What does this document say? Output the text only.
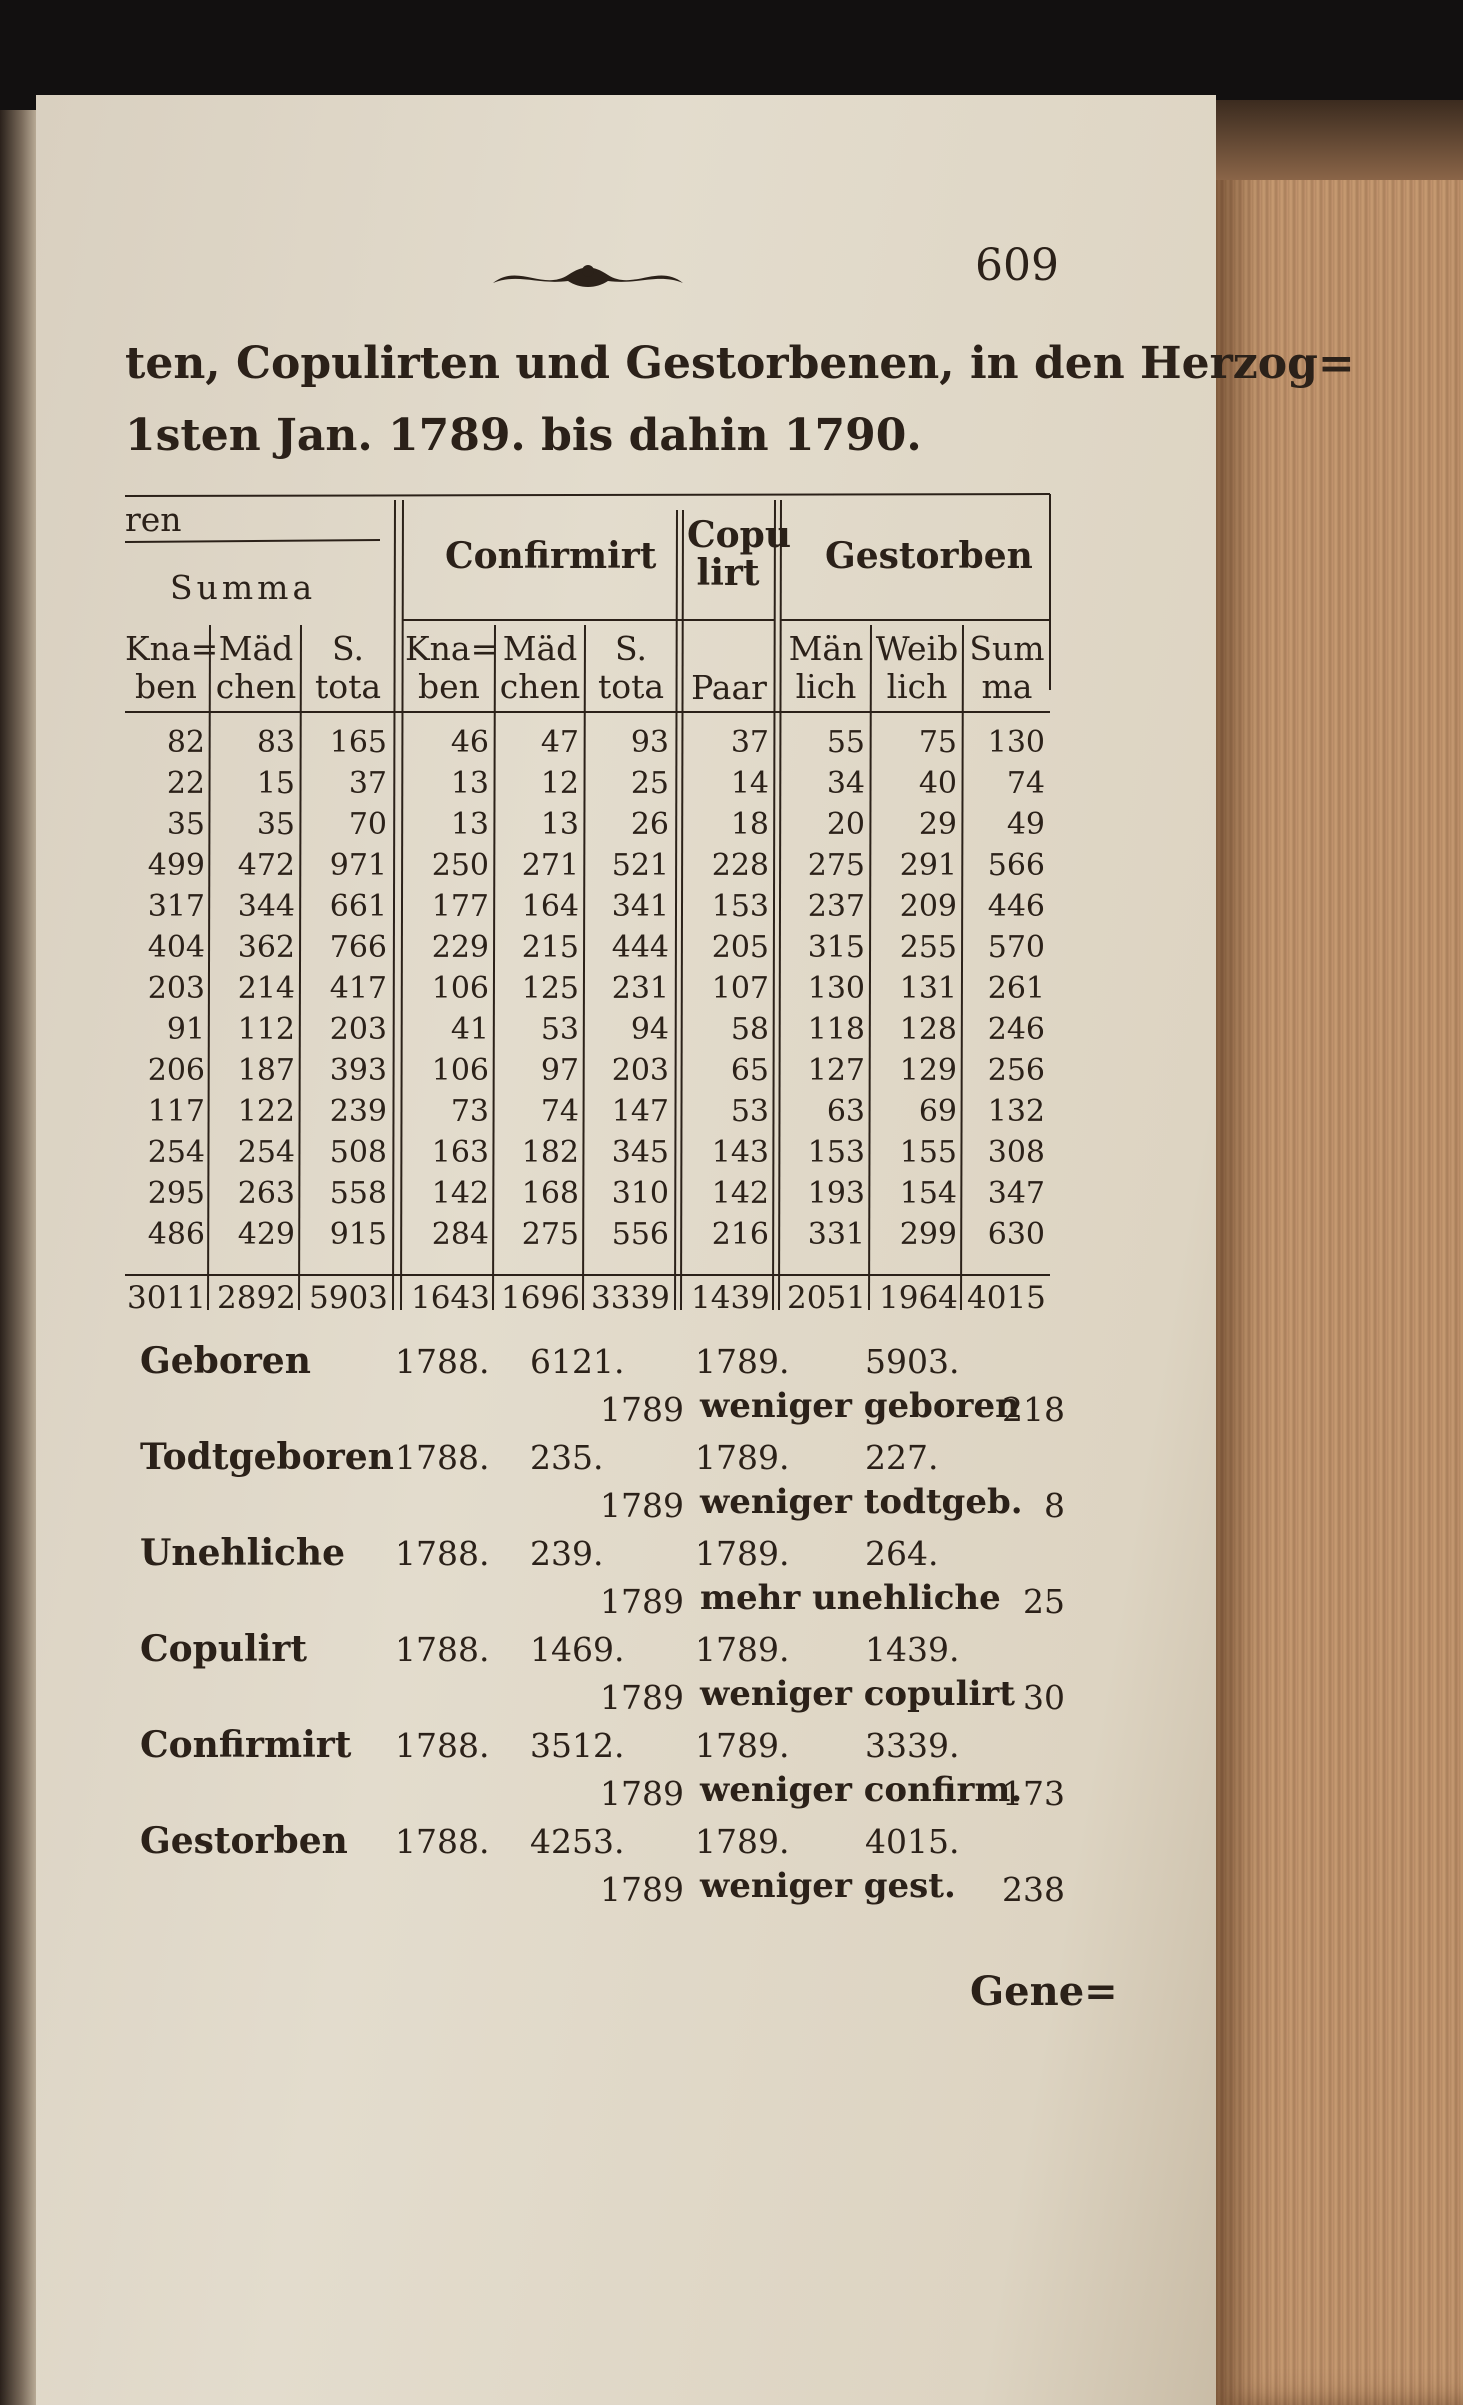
609
ten, Copulirten und Gestorbenen, in den Herzog=
1sten Jan. 1789. bis dahin 1790.
ren
Summa
Confirmirt Copu lirt Gestorben
Kna= ben
Mäd chen
S. tota
Kna= ben
Mäd chen
S. tota Paar
Män lich
Weib lich
Sum ma
82	83 165	46	47	93	37	55	75 130
22	15	37	13	12	25	14	34	40	74
35	35	70	13	13	26	18	20	29	49
499 472 971 250 271 521 228 275 291 566
317 344 661 177 164 341 153 237 209 446
404 362 766 229 215 444 205 315 255 570
203 214 417 106 125 231 107 130 131 261
91 112 203	41	53	94	58 118 128 246
206 187 393 106	97 203	65 127 129 256
117 122 239	73	74 147	53	63	69 132
254 254 508 163 182 345 143 153 155 308
295 263 558 142 168 310 142 193 154 347
486 429 915 284 275 556 216 331 299 630
3011 2892 5903 1643 1696 3339 1439 2051 1964 4015
Geboren	1788. 6121. 1789. 5903.
1789 weniger geboren
218
Todtgeboren 1788. 235.	1789. 227.
1789 weniger todtgeb. 8
Unehliche 1788. 239.	1789. 264.
1789 mehr unehliche 25
Copulirt	1788. 1469. 1789. 1439.
1789 weniger copulirt 30
Confirmirt 1788. 3512. 1789. 3339.
1789 weniger confirm.
173
Gestorben 1788. 4253. 1789. 4015.
1789 weniger gest.	238
Gene=
